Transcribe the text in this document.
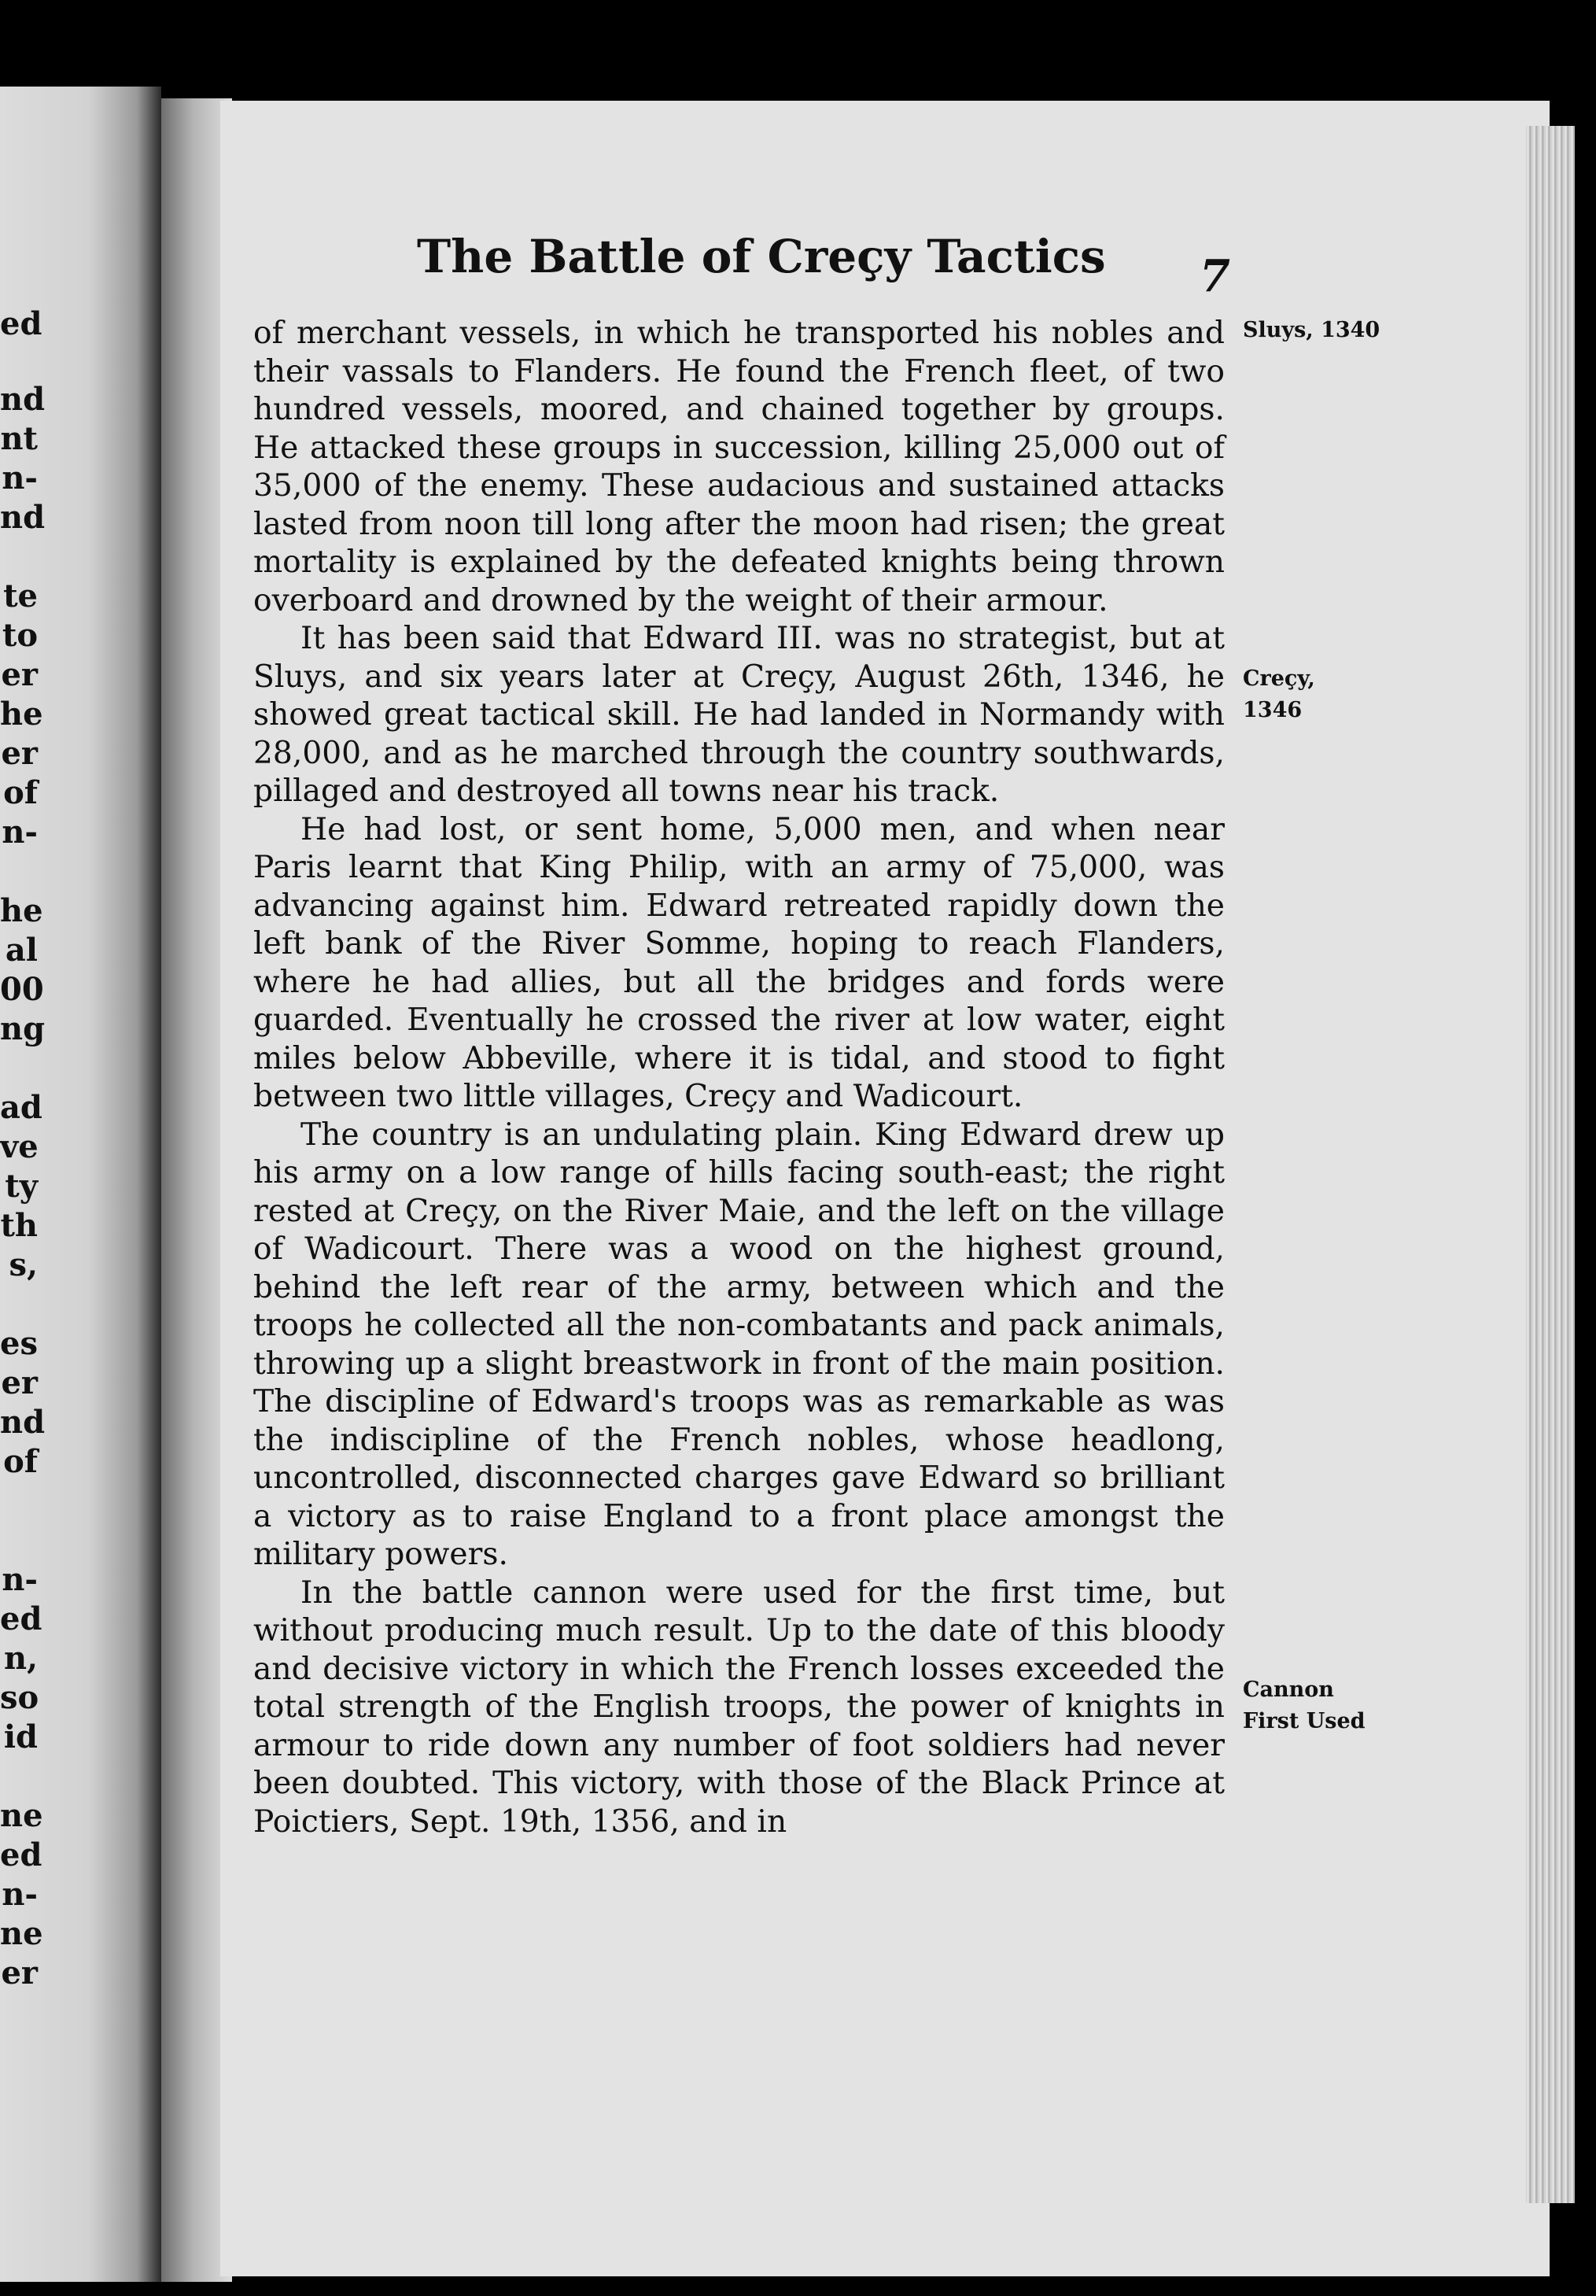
ed
nd
nt
n-
nd
te
to
er
he
er
of
n-
he
al
00
ng
ad
ve
ty
th
s,
es
er
nd
of
n-
ed
n,
so
id
ne
ed
n-
ne
er
The Battle of Creçy Tactics 7

of merchant vessels, in which he transported his nobles and their vassals to Flanders. He found the French fleet, of two hundred vessels, moored, and chained together by groups. He attacked these groups in succession, killing 25,000 out of 35,000 of the enemy. These audacious and sustained attacks lasted from noon till long after the moon had risen; the great mortality is explained by the defeated knights being thrown overboard and drowned by the weight of their armour.

It has been said that Edward III. was no strategist, but at Sluys, and six years later at Creçy, August 26th, 1346, he showed great tactical skill. He had landed in Normandy with 28,000, and as he marched through the country southwards, pillaged and destroyed all towns near his track.

He had lost, or sent home, 5,000 men, and when near Paris learnt that King Philip, with an army of 75,000, was advancing against him. Edward retreated rapidly down the left bank of the River Somme, hoping to reach Flanders, where he had allies, but all the bridges and fords were guarded. Eventually he crossed the river at low water, eight miles below Abbeville, where it is tidal, and stood to fight between two little villages, Creçy and Wadicourt.

The country is an undulating plain. King Edward drew up his army on a low range of hills facing south-east; the right rested at Creçy, on the River Maie, and the left on the village of Wadicourt. There was a wood on the highest ground, behind the left rear of the army, between which and the troops he collected all the non-combatants and pack animals, throwing up a slight breastwork in front of the main position. The discipline of Edward's troops was as remarkable as was the indiscipline of the French nobles, whose headlong, uncontrolled, disconnected charges gave Edward so brilliant a victory as to raise England to a front place amongst the military powers.

In the battle cannon were used for the first time, but without producing much result. Up to the date of this bloody and decisive victory in which the French losses exceeded the total strength of the English troops, the power of knights in armour to ride down any number of foot soldiers had never been doubted. This victory, with those of the Black Prince at Poictiers, Sept. 19th, 1356, and in

Sluys, 1340
Creçy,
1346
Cannon
First Used
